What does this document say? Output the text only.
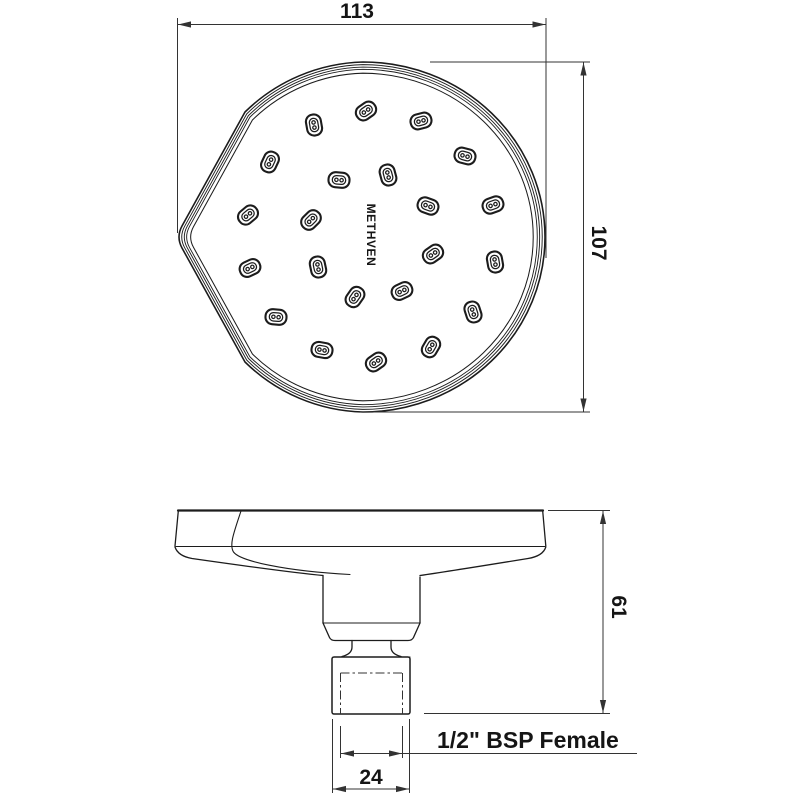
METHVEN
113
107
61
1/2" BSP Female
24
